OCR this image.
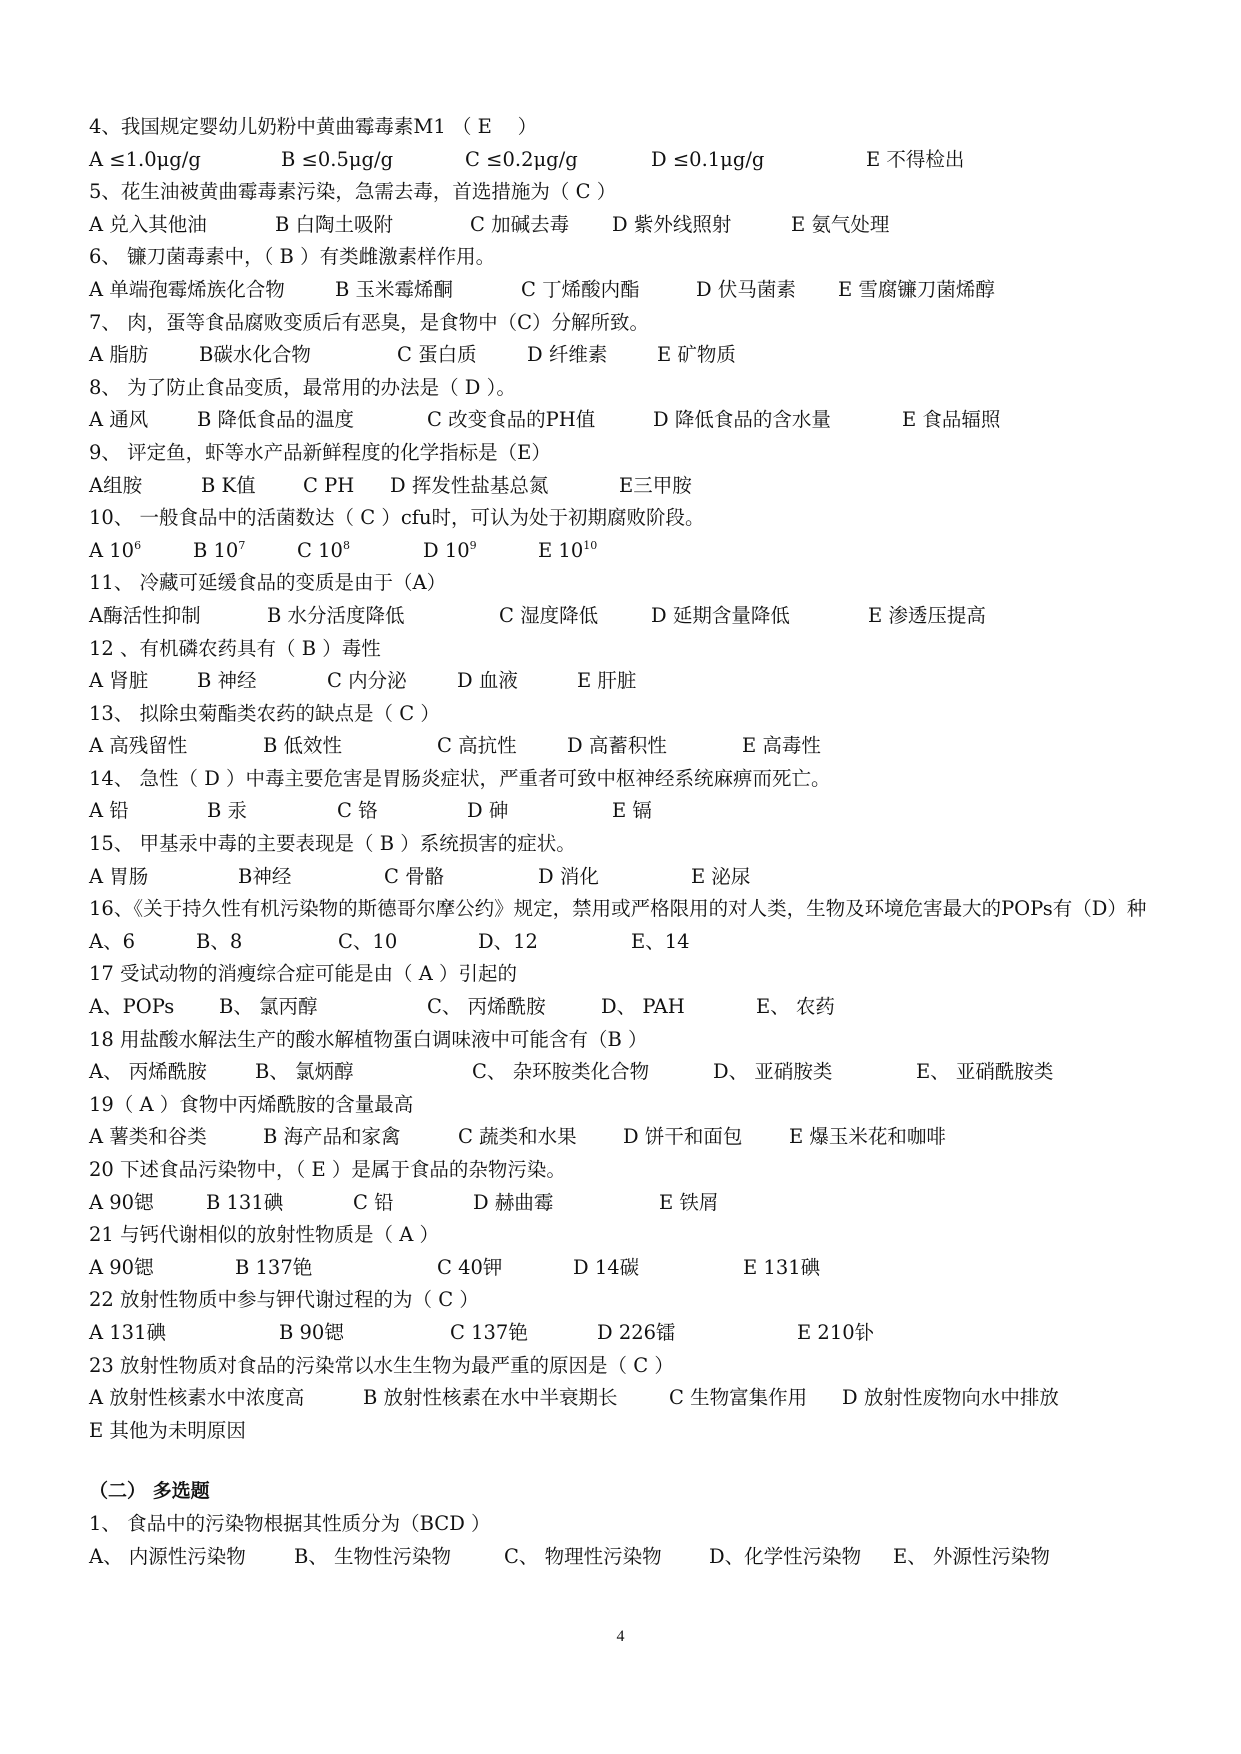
4、我国规定婴幼儿奶粉中黄曲霉毒素M1 （ E　 ）
A ≤1.0μg/g	B ≤0.5μg/g	C ≤0.2μg/g	D ≤0.1μg/g	E 不得检出
5、花生油被黄曲霉毒素污染，急需去毒，首选措施为（ C ）
A 兑入其他油	B 白陶土吸附	C 加碱去毒	D 紫外线照射	E 氨气处理
6、 镰刀菌毒素中，（ B ）有类雌激素样作用。
A 单端孢霉烯族化合物	B 玉米霉烯酮	C 丁烯酸内酯	D 伏马菌素	E 雪腐镰刀菌烯醇
7、 肉，蛋等食品腐败变质后有恶臭，是食物中（C）分解所致。
A 脂肪	B碳水化合物	C 蛋白质	D 纤维素	E 矿物质
8、 为了防止食品变质，最常用的办法是（ D ）。
A 通风	B 降低食品的温度	C 改变食品的PH值	D 降低食品的含水量	E 食品辐照
9、 评定鱼，虾等水产品新鲜程度的化学指标是（E）
A组胺	B K值	C PH	D 挥发性盐基总氮	E三甲胺
10、 一般食品中的活菌数达（ C ）cfu时，可认为处于初期腐败阶段。
A $10^6$	B $10^7$	C $10^8$	D $10^9$	E $10^{10}$
11、 冷藏可延缓食品的变质是由于（A）
A酶活性抑制	B 水分活度降低	C 湿度降低	D 延期含量降低	E 渗透压提高
12 、有机磷农药具有（ B ）毒性
A 肾脏	B 神经	C 内分泌	D 血液	E 肝脏
13、 拟除虫菊酯类农药的缺点是（ C ）
A 高残留性	B 低效性	C 高抗性	D 高蓄积性	E 高毒性
14、 急性（ D ）中毒主要危害是胃肠炎症状，严重者可致中枢神经系统麻痹而死亡。
A 铅	B 汞	C 铬	D 砷	E 镉
15、 甲基汞中毒的主要表现是（ B ）系统损害的症状。
A 胃肠	B神经	C 骨骼	D 消化	E 泌尿
16、《关于持久性有机污染物的斯德哥尔摩公约》规定，禁用或严格限用的对人类，生物及环境危害最大的POPs有（D）种
A、6	B、8	C、10	D、12	E、14
17 受试动物的消瘦综合症可能是由（ A ）引起的
A、POPs	B、 氯丙醇	C、 丙烯酰胺	D、 PAH	E、 农药
18 用盐酸水解法生产的酸水解植物蛋白调味液中可能含有（B ）
A、 丙烯酰胺	B、 氯炳醇	C、 杂环胺类化合物	D、 亚硝胺类	E、 亚硝酰胺类
19（ A ）食物中丙烯酰胺的含量最高
A 薯类和谷类	B 海产品和家禽	C 蔬类和水果	D 饼干和面包	E 爆玉米花和咖啡
20 下述食品污染物中，（ E ）是属于食品的杂物污染。
A 90锶	B 131碘	C 铅	D 赫曲霉	E 铁屑
21 与钙代谢相似的放射性物质是（ A ）
A 90锶	B 137铯	C 40钾	D 14碳	E 131碘
22 放射性物质中参与钾代谢过程的为（ C ）
A 131碘	B 90锶	C 137铯	D 226镭	E 210钋
23 放射性物质对食品的污染常以水生生物为最严重的原因是（ C ）
A 放射性核素水中浓度高	B 放射性核素在水中半衰期长	C 生物富集作用	D 放射性废物向水中排放
E 其他为未明原因
（二） 多选题
1、 食品中的污染物根据其性质分为（BCD ）
A、 内源性污染物	B、 生物性污染物	C、 物理性污染物	D、化学性污染物	E、 外源性污染物
4
